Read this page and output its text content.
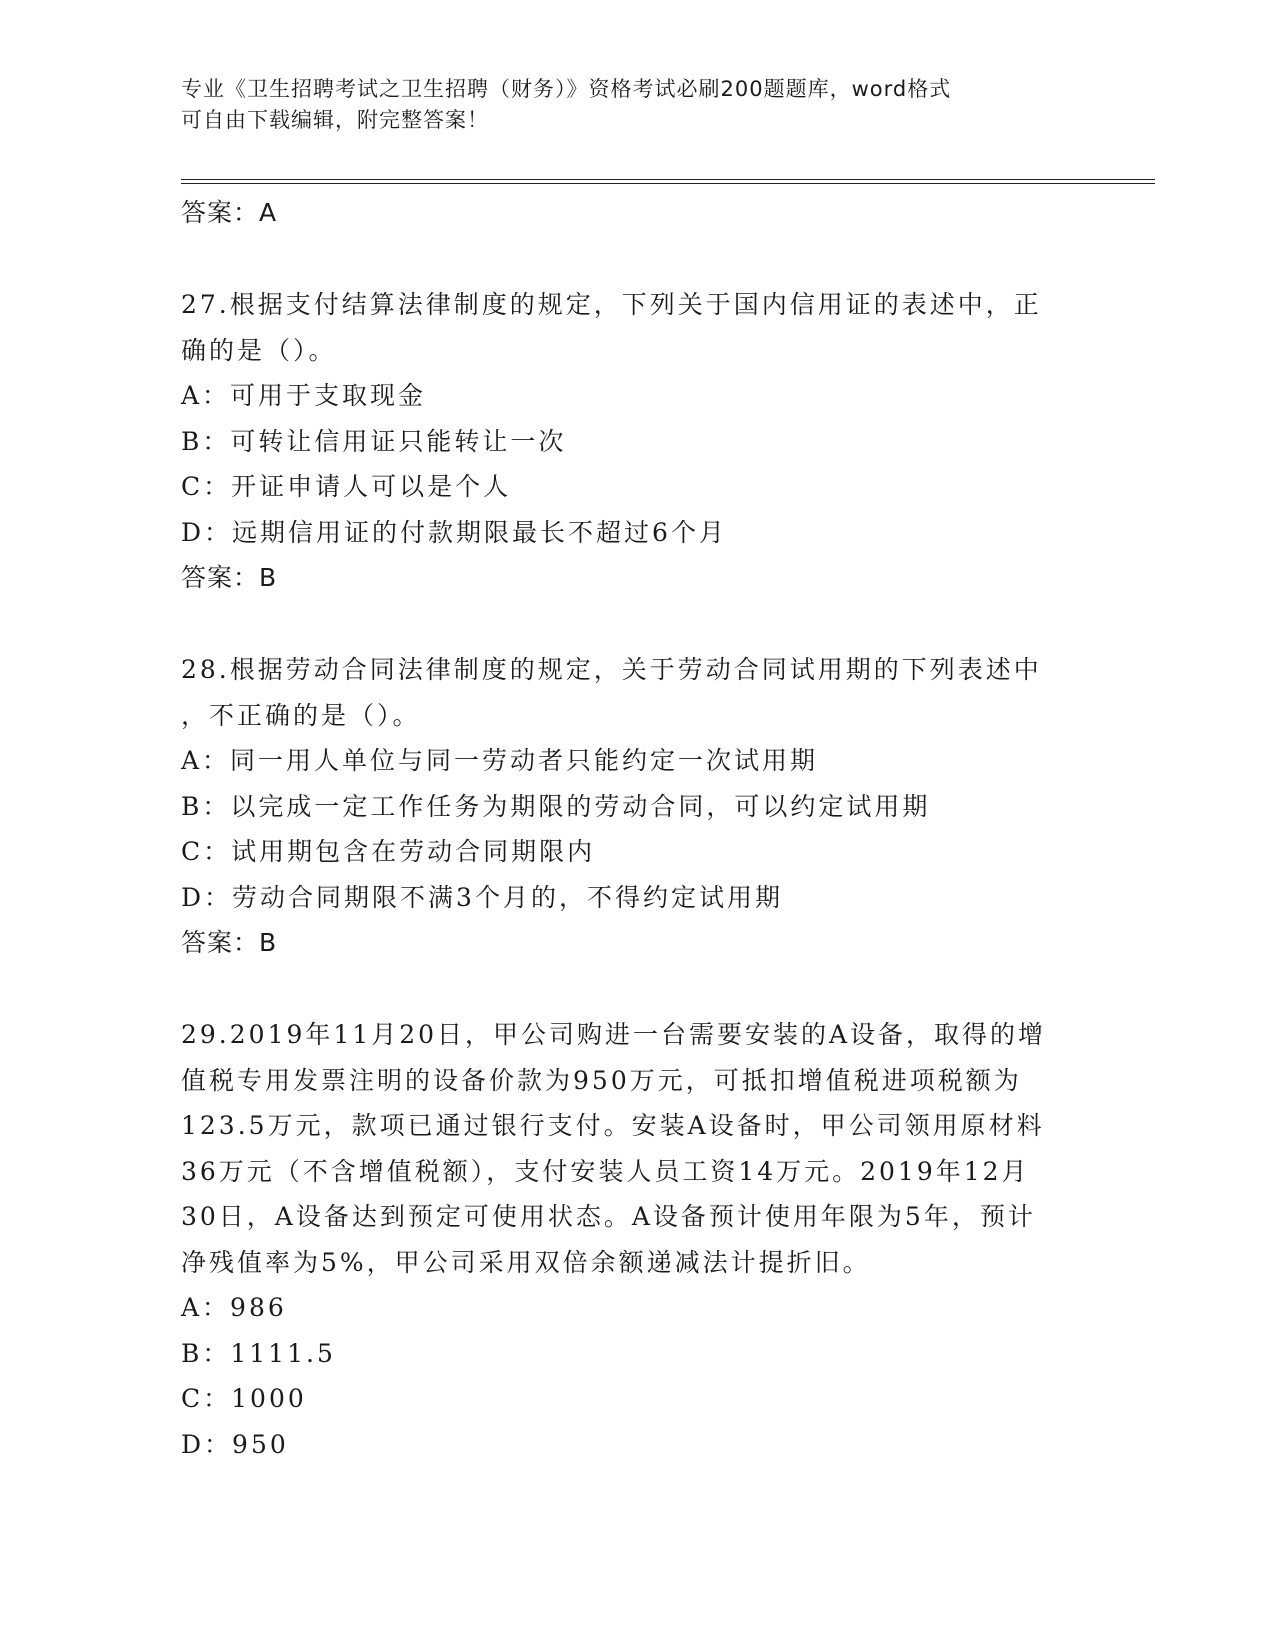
专业《卫生招聘考试之卫生招聘（财务）》资格考试必刷200题题库，word格式
可自由下载编辑，附完整答案！
答案：A
27.根据支付结算法律制度的规定，下列关于国内信用证的表述中，正
确的是（）。
A：可用于支取现金
B：可转让信用证只能转让一次
C：开证申请人可以是个人
D：远期信用证的付款期限最长不超过6个月
答案：B
28.根据劳动合同法律制度的规定，关于劳动合同试用期的下列表述中
，不正确的是（）。
A：同一用人单位与同一劳动者只能约定一次试用期
B：以完成一定工作任务为期限的劳动合同，可以约定试用期
C：试用期包含在劳动合同期限内
D：劳动合同期限不满3个月的，不得约定试用期
答案：B
29.2019年11月20日，甲公司购进一台需要安装的A设备，取得的增
值税专用发票注明的设备价款为950万元，可抵扣增值税进项税额为
123.5万元，款项已通过银行支付。安装A设备时，甲公司领用原材料
36万元（不含增值税额），支付安装人员工资14万元。2019年12月
30日，A设备达到预定可使用状态。A设备预计使用年限为5年，预计
净残值率为5%，甲公司采用双倍余额递减法计提折旧。
A：986
B：1111.5
C：1000
D：950
